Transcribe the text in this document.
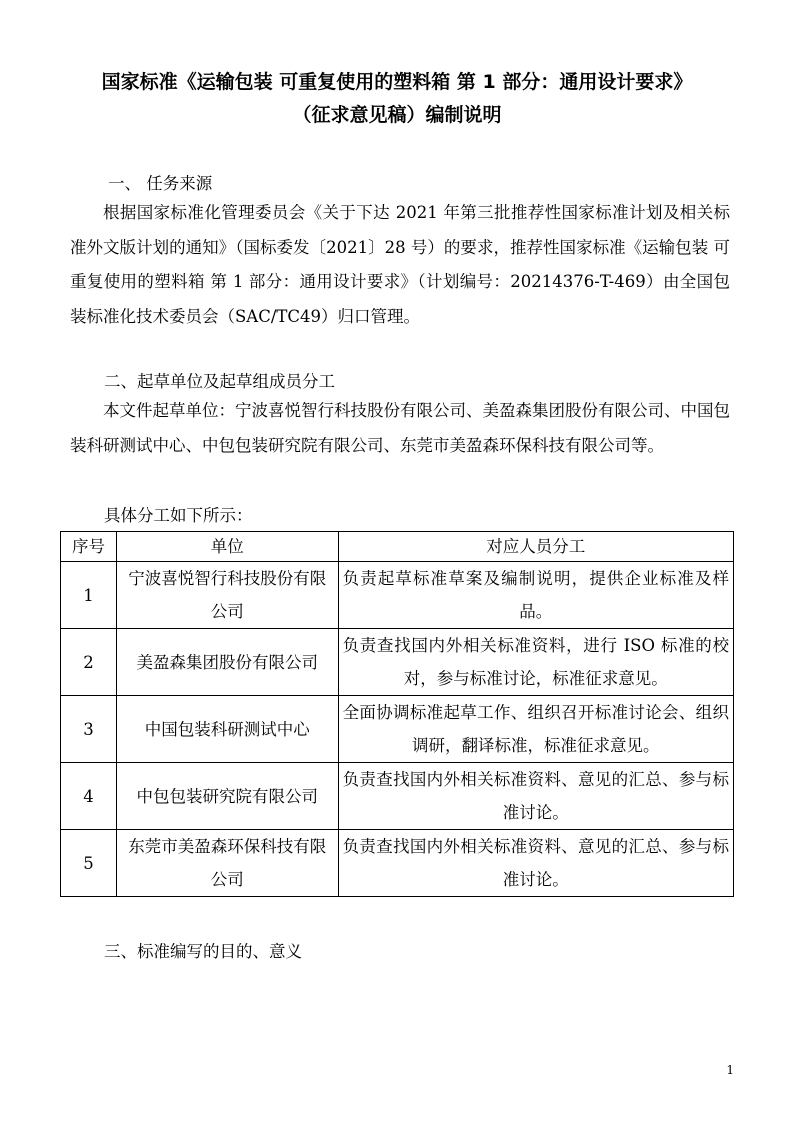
国家标准《运输包装 可重复使用的塑料箱 第 1 部分：通用设计要求》
（征求意见稿）编制说明
一、 任务来源
根据国家标准化管理委员会《关于下达 2021 年第三批推荐性国家标准计划及相关标准外文版计划的通知》（国标委发〔2021〕28 号）的要求，推荐性国家标准《运输包装 可重复使用的塑料箱 第 1 部分：通用设计要求》（计划编号：20214376-T-469）由全国包装标准化技术委员会（SAC/TC49）归口管理。
二、起草单位及起草组成员分工
本文件起草单位：宁波喜悦智行科技股份有限公司、美盈森集团股份有限公司、中国包装科研测试中心、中包包装研究院有限公司、东莞市美盈森环保科技有限公司等。
具体分工如下所示：
序号	单位	对应人员分工
1	宁波喜悦智行科技股份有限公司	负责起草标准草案及编制说明，提供企业标准及样品。
2	美盈森集团股份有限公司	负责查找国内外相关标准资料，进行 ISO 标准的校对，参与标准讨论，标准征求意见。
3	中国包装科研测试中心	全面协调标准起草工作、组织召开标准讨论会、组织调研，翻译标准，标准征求意见。
4	中包包装研究院有限公司	负责查找国内外相关标准资料、意见的汇总、参与标准讨论。
5	东莞市美盈森环保科技有限公司	负责查找国内外相关标准资料、意见的汇总、参与标准讨论。
三、标准编写的目的、意义
1
